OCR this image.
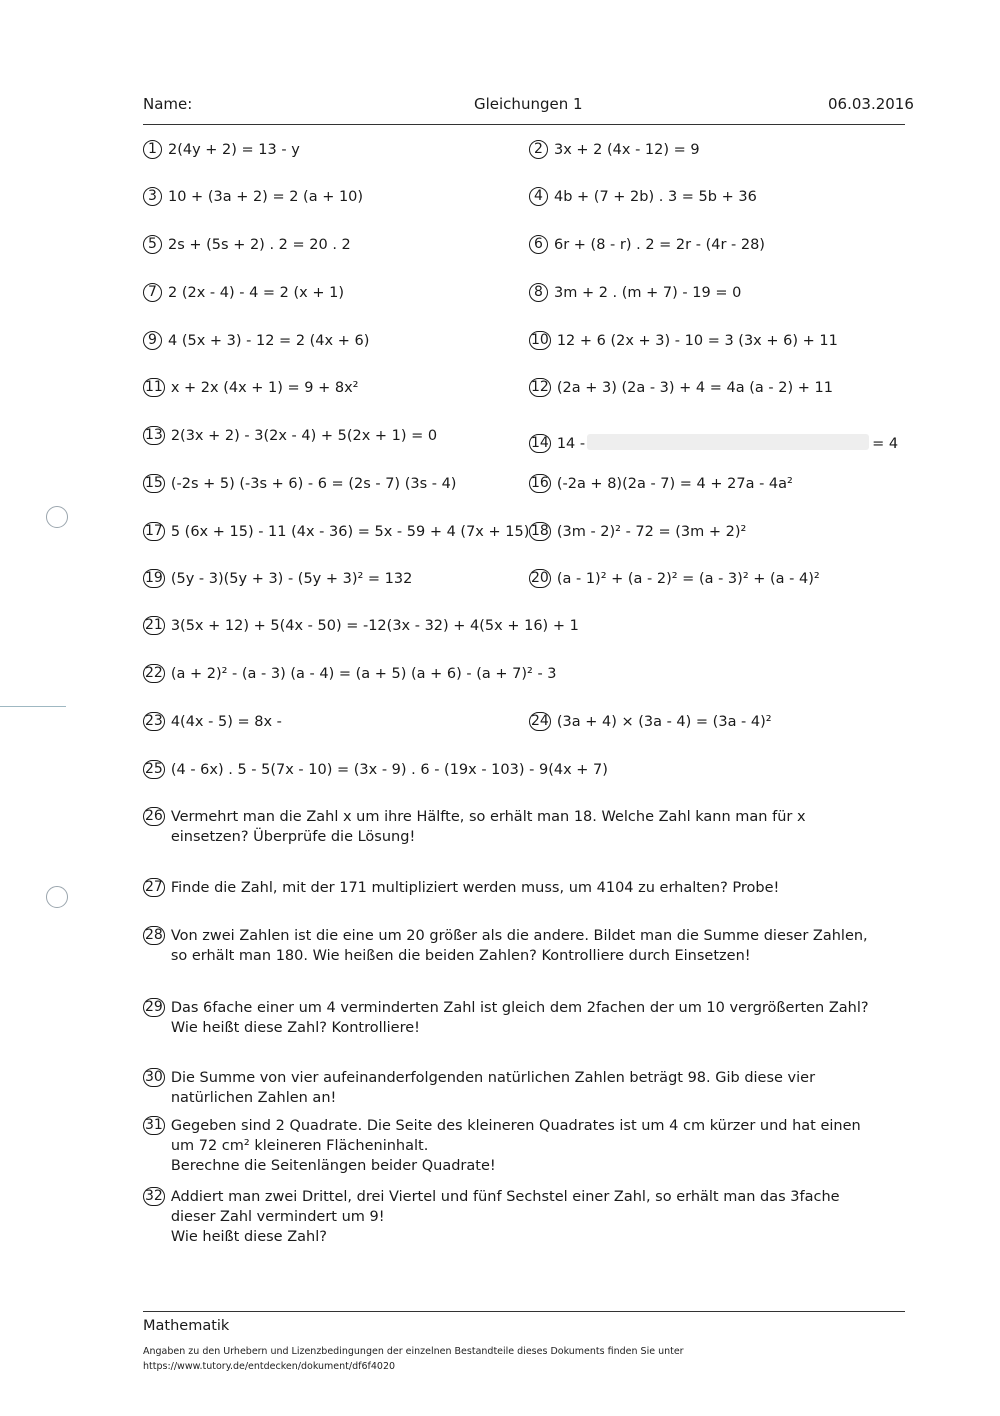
Name:	Gleichungen 1	06.03.2016
1 2(4y + 2) = 13 - y	2 3x + 2 (4x - 12) = 9
3 10 + (3a + 2) = 2 (a + 10)	4 4b + (7 + 2b) . 3 = 5b + 36
5 2s + (5s + 2) . 2 = 20 . 2	6 6r + (8 - r) . 2 = 2r - (4r - 28)
7 2 (2x - 4) - 4 = 2 (x + 1)	8 3m + 2 . (m + 7) - 19 = 0
9 4 (5x + 3) - 12 = 2 (4x + 6)	10 12 + 6 (2x + 3) - 10 = 3 (3x + 6) + 11
11 x + 2x (4x + 1) = 9 + 8x²	12 (2a + 3) (2a - 3) + 4 = 4a (a - 2) + 11
13 2(3x + 2) - 3(2x - 4) + 5(2x + 1) = 0	14 14 -	= 4
15 (-2s + 5) (-3s + 6) - 6 = (2s - 7) (3s - 4)	16 (-2a + 8)(2a - 7) = 4 + 27a - 4a²
17 5 (6x + 15) - 11 (4x - 36) = 5x - 59 + 4 (7x + 15) 18 (3m - 2)² - 72 = (3m + 2)²
19 (5y - 3)(5y + 3) - (5y + 3)² = 132	20 (a - 1)² + (a - 2)² = (a - 3)² + (a - 4)²
21 3(5x + 12) + 5(4x - 50) = -12(3x - 32) + 4(5x + 16) + 1
22 (a + 2)² - (a - 3) (a - 4) = (a + 5) (a + 6) - (a + 7)² - 3
23 4(4x - 5) = 8x -	24 (3a + 4) × (3a - 4) = (3a - 4)²
25 (4 - 6x) . 5 - 5(7x - 10) = (3x - 9) . 6 - (19x - 103) - 9(4x + 7)
26 Vermehrt man die Zahl x um ihre Hälfte, so erhält man 18. Welche Zahl kann man für x einsetzen? Überprüfe die Lösung!
27 Finde die Zahl, mit der 171 multipliziert werden muss, um 4104 zu erhalten? Probe!
28 Von zwei Zahlen ist die eine um 20 größer als die andere. Bildet man die Summe dieser Zahlen, so erhält man 180. Wie heißen die beiden Zahlen? Kontrolliere durch Einsetzen!
29 Das 6fache einer um 4 verminderten Zahl ist gleich dem 2fachen der um 10 vergrößerten Zahl? Wie heißt diese Zahl? Kontrolliere!
30 Die Summe von vier aufeinanderfolgenden natürlichen Zahlen beträgt 98. Gib diese vier natürlichen Zahlen an!
31 Gegeben sind 2 Quadrate. Die Seite des kleineren Quadrates ist um 4 cm kürzer und hat einen um 72 cm² kleineren Flächeninhalt.
Berechne die Seitenlängen beider Quadrate!
32 Addiert man zwei Drittel, drei Viertel und fünf Sechstel einer Zahl, so erhält man das 3fache dieser Zahl vermindert um 9!
Wie heißt diese Zahl?
Mathematik
Angaben zu den Urhebern und Lizenzbedingungen der einzelnen Bestandteile dieses Dokuments finden Sie unter
https://www.tutory.de/entdecken/dokument/df6f4020
